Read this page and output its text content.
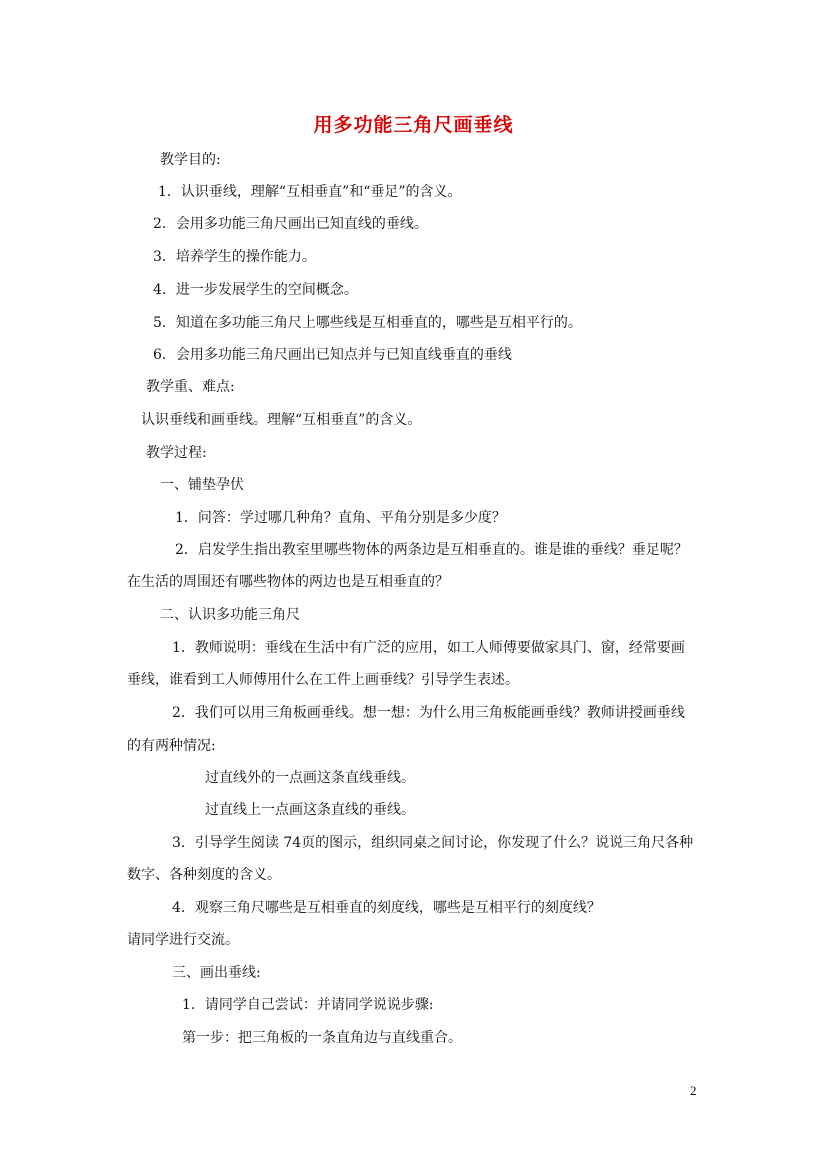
用多功能三角尺画垂线
教学目的:
1．认识垂线，理解“互相垂直”和“垂足”的含义。
2．会用多功能三角尺画出已知直线的垂线。
3．培养学生的操作能力。
4．进一步发展学生的空间概念。
5．知道在多功能三角尺上哪些线是互相垂直的，哪些是互相平行的。
6．会用多功能三角尺画出已知点并与已知直线垂直的垂线
教学重、难点:
认识垂线和画垂线。理解“互相垂直”的含义。
教学过程:
一、铺垫孕伏
1．问答：学过哪几种角？直角、平角分别是多少度？
2．启发学生指出教室里哪些物体的两条边是互相垂直的。谁是谁的垂线？垂足呢？
在生活的周围还有哪些物体的两边也是互相垂直的？
二、认识多功能三角尺
1．教师说明：垂线在生活中有广泛的应用，如工人师傅要做家具门、窗，经常要画
垂线，谁看到工人师傅用什么在工件上画垂线？引导学生表述。
2．我们可以用三角板画垂线。想一想：为什么用三角板能画垂线？教师讲授画垂线
的有两种情况:
过直线外的一点画这条直线垂线。
过直线上一点画这条直线的垂线。
3．引导学生阅读 74页的图示，组织同桌之间讨论，你发现了什么？说说三角尺各种
数字、各种刻度的含义。
4．观察三角尺哪些是互相垂直的刻度线，哪些是互相平行的刻度线？
请同学进行交流。
三、画出垂线:
1．请同学自己尝试：并请同学说说步骤:
第一步：把三角板的一条直角边与直线重合。
2
